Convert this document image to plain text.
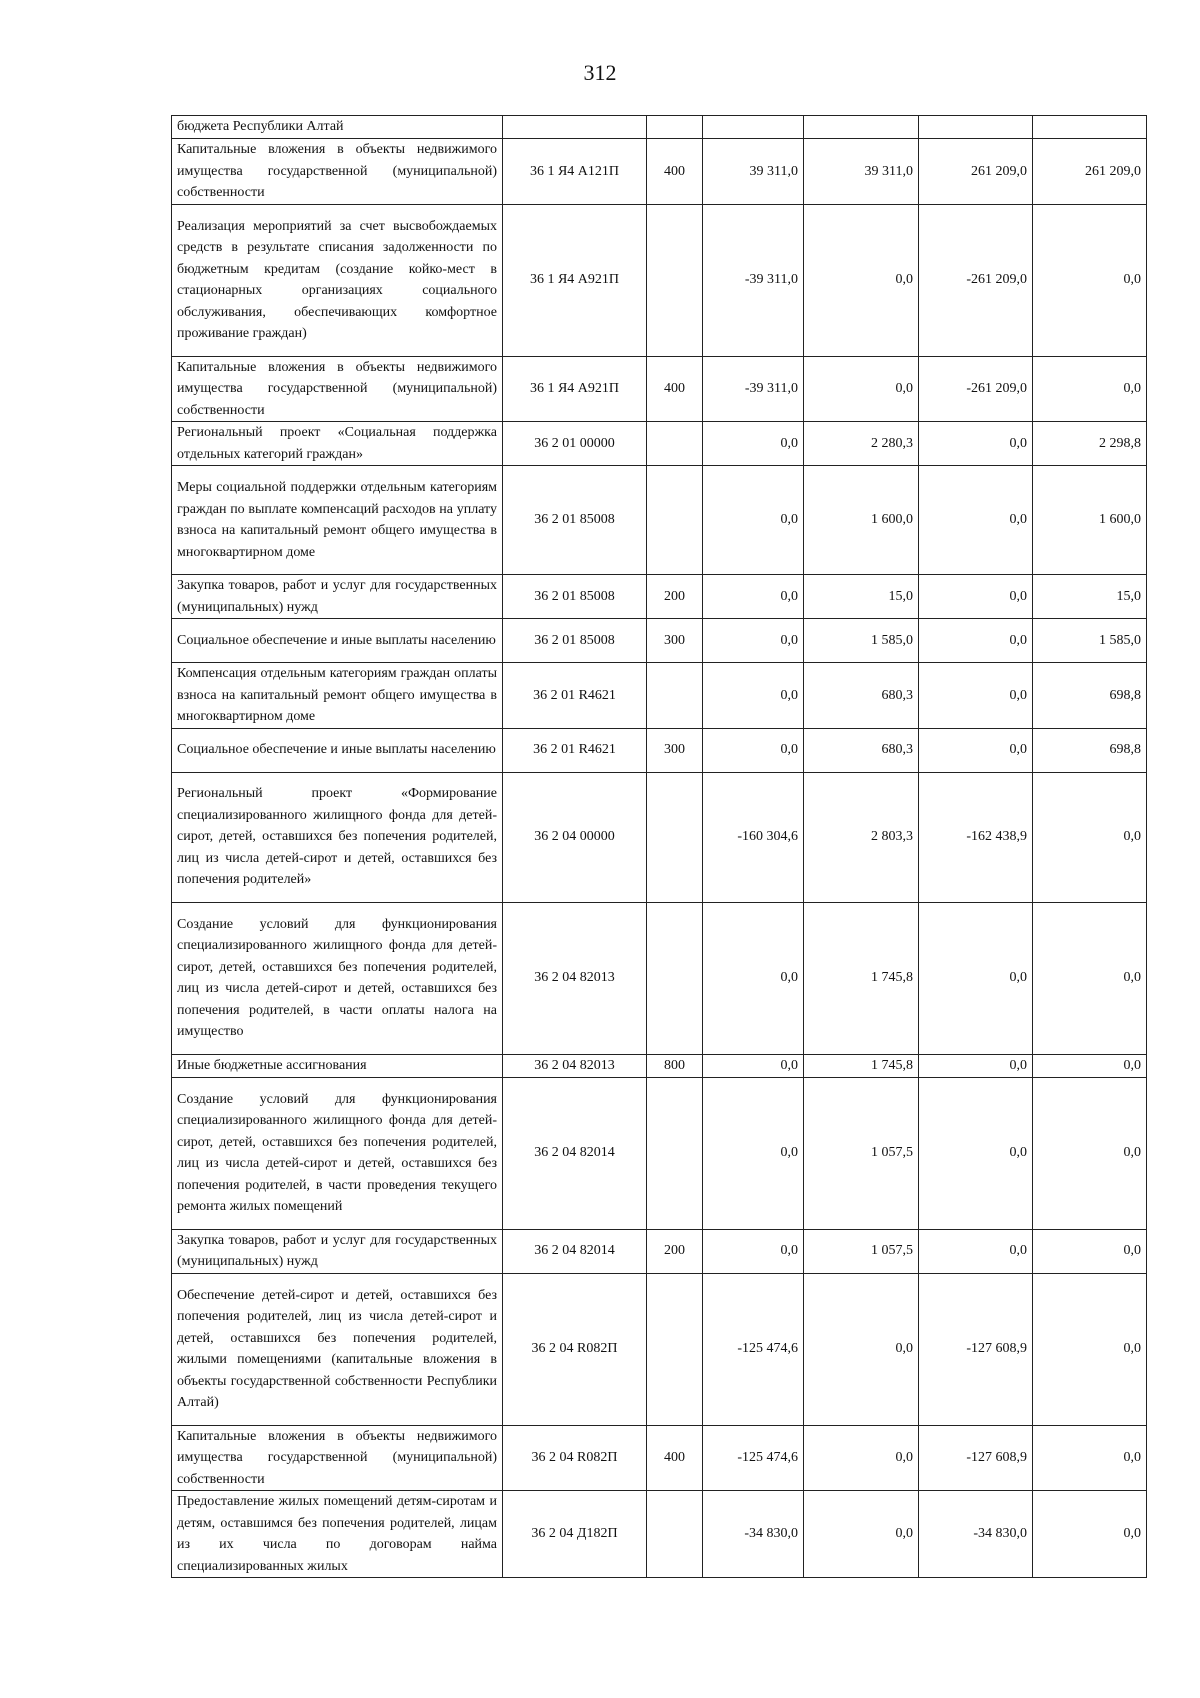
312
бюджета Республики Алтай						
Капитальные вложения в объекты недвижимого имущества государственной (муниципальной) собственности	36 1 Я4 А121П	400	39 311,0	39 311,0	261 209,0	261 209,0
Реализация мероприятий за счет высвобождаемых средств в результате списания задолженности по бюджетным кредитам (создание койко-мест в стационарных организациях социального обслуживания, обеспечивающих комфортное проживание граждан)	36 1 Я4 А921П		-39 311,0	0,0	-261 209,0	0,0
Капитальные вложения в объекты недвижимого имущества государственной (муниципальной) собственности	36 1 Я4 А921П	400	-39 311,0	0,0	-261 209,0	0,0
Региональный проект «Социальная поддержка отдельных категорий граждан»	36 2 01 00000		0,0	2 280,3	0,0	2 298,8
Меры социальной поддержки отдельным категориям граждан по выплате компенсаций расходов на уплату взноса на капитальный ремонт общего имущества в многоквартирном доме	36 2 01 85008		0,0	1 600,0	0,0	1 600,0
Закупка товаров, работ и услуг для государственных (муниципальных) нужд	36 2 01 85008	200	0,0	15,0	0,0	15,0
Социальное обеспечение и иные выплаты населению	36 2 01 85008	300	0,0	1 585,0	0,0	1 585,0
Компенсация отдельным категориям граждан оплаты взноса на капитальный ремонт общего имущества в многоквартирном доме	36 2 01 R4621		0,0	680,3	0,0	698,8
Социальное обеспечение и иные выплаты населению	36 2 01 R4621	300	0,0	680,3	0,0	698,8
Региональный проект «Формирование специализированного жилищного фонда для детей-сирот, детей, оставшихся без попечения родителей, лиц из числа детей-сирот и детей, оставшихся без попечения родителей»	36 2 04 00000		-160 304,6	2 803,3	-162 438,9	0,0
Создание условий для функционирования специализированного жилищного фонда для детей-сирот, детей, оставшихся без попечения родителей, лиц из числа детей-сирот и детей, оставшихся без попечения родителей, в части оплаты налога на имущество	36 2 04 82013		0,0	1 745,8	0,0	0,0
Иные бюджетные ассигнования	36 2 04 82013	800	0,0	1 745,8	0,0	0,0
Создание условий для функционирования специализированного жилищного фонда для детей-сирот, детей, оставшихся без попечения родителей, лиц из числа детей-сирот и детей, оставшихся без попечения родителей, в части проведения текущего ремонта жилых помещений	36 2 04 82014		0,0	1 057,5	0,0	0,0
Закупка товаров, работ и услуг для государственных (муниципальных) нужд	36 2 04 82014	200	0,0	1 057,5	0,0	0,0
Обеспечение детей-сирот и детей, оставшихся без попечения родителей, лиц из числа детей-сирот и детей, оставшихся без попечения родителей, жилыми помещениями (капитальные вложения в объекты государственной собственности Республики Алтай)	36 2 04 R082П		-125 474,6	0,0	-127 608,9	0,0
Капитальные вложения в объекты недвижимого имущества государственной (муниципальной) собственности	36 2 04 R082П	400	-125 474,6	0,0	-127 608,9	0,0
Предоставление жилых помещений детям-сиротам и детям, оставшимся без попечения родителей, лицам из их числа по договорам найма специализированных жилых	36 2 04 Д182П		-34 830,0	0,0	-34 830,0	0,0
